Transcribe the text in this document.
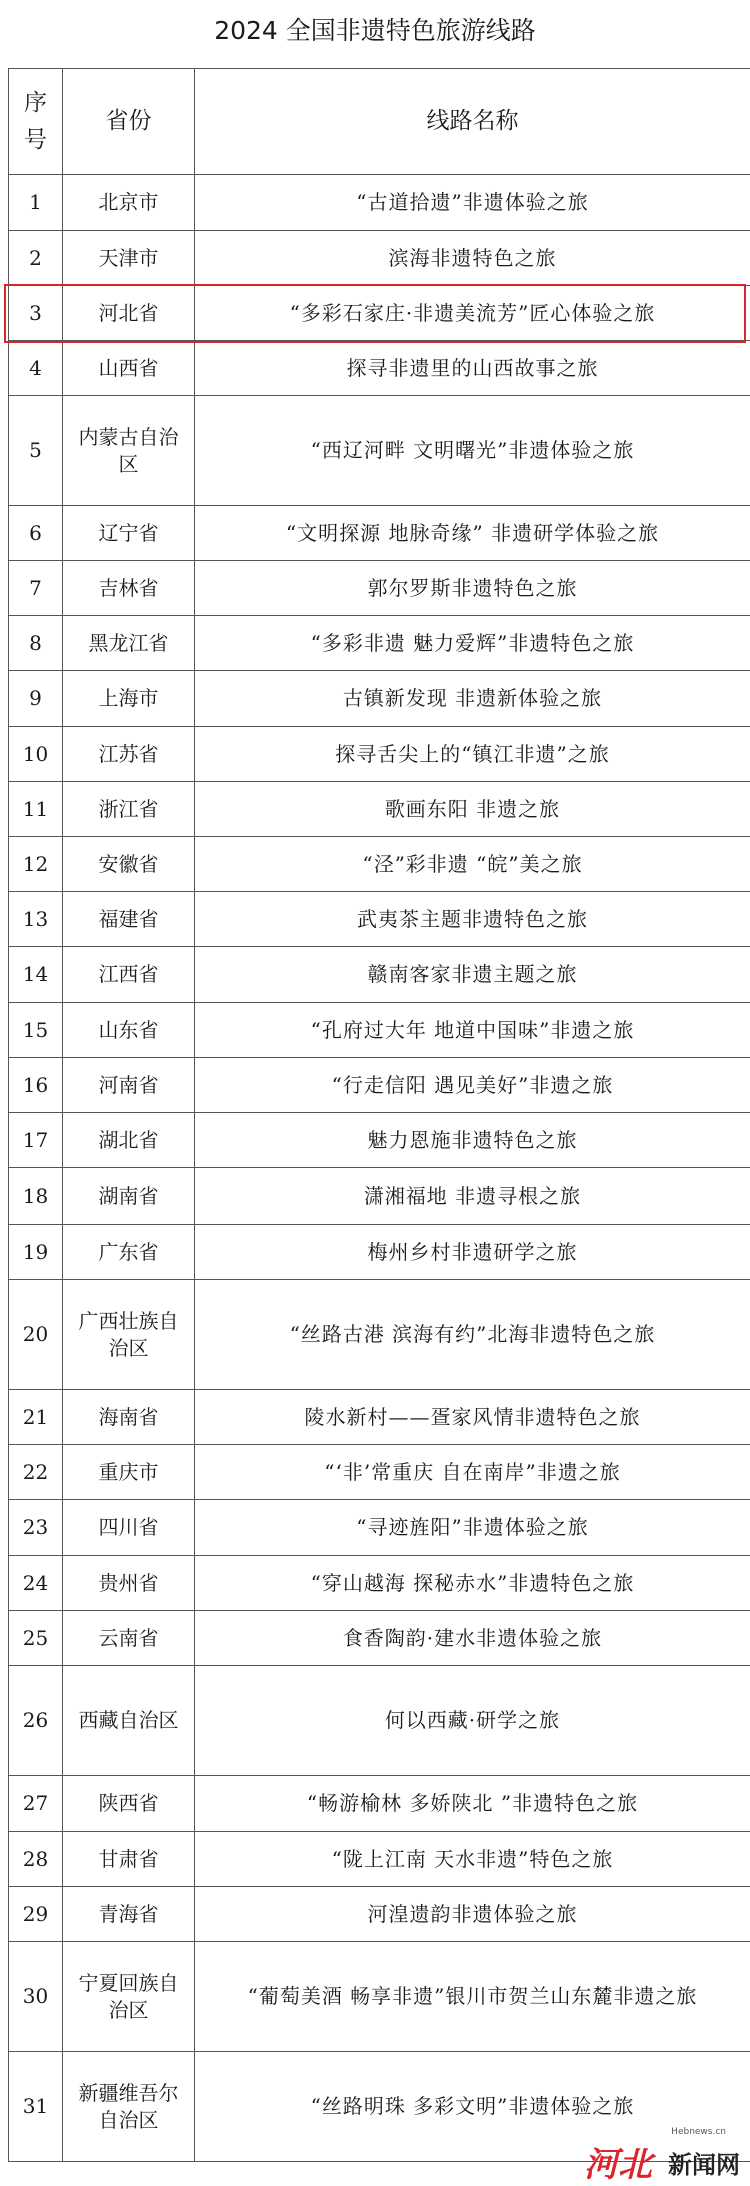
2024 全国非遗特色旅游线路
序号	省份	线路名称
1	北京市	“古道拾遗”非遗体验之旅
2	天津市	滨海非遗特色之旅
3	河北省	“多彩石家庄·非遗美流芳”匠心体验之旅
4	山西省	探寻非遗里的山西故事之旅
5	内蒙古自治区	“西辽河畔 文明曙光”非遗体验之旅
6	辽宁省	“文明探源 地脉奇缘” 非遗研学体验之旅
7	吉林省	郭尔罗斯非遗特色之旅
8	黑龙江省	“多彩非遗 魅力爱辉”非遗特色之旅
9	上海市	古镇新发现 非遗新体验之旅
10	江苏省	探寻舌尖上的“镇江非遗”之旅
11	浙江省	歌画东阳 非遗之旅
12	安徽省	“泾”彩非遗 “皖”美之旅
13	福建省	武夷茶主题非遗特色之旅
14	江西省	赣南客家非遗主题之旅
15	山东省	“孔府过大年 地道中国味”非遗之旅
16	河南省	“行走信阳 遇见美好”非遗之旅
17	湖北省	魅力恩施非遗特色之旅
18	湖南省	潇湘福地 非遗寻根之旅
19	广东省	梅州乡村非遗研学之旅
20	广西壮族自治区	“丝路古港 滨海有约”北海非遗特色之旅
21	海南省	陵水新村——疍家风情非遗特色之旅
22	重庆市	“‘非’常重庆 自在南岸”非遗之旅
23	四川省	“寻迹旌阳”非遗体验之旅
24	贵州省	“穿山越海 探秘赤水”非遗特色之旅
25	云南省	食香陶韵·建水非遗体验之旅
26	西藏自治区	何以西藏·研学之旅
27	陕西省	“畅游榆林 多娇陕北 ”非遗特色之旅
28	甘肃省	“陇上江南 天水非遗”特色之旅
29	青海省	河湟遗韵非遗体验之旅
30	宁夏回族自治区	“葡萄美酒 畅享非遗”银川市贺兰山东麓非遗之旅
31	新疆维吾尔自治区	“丝路明珠 多彩文明”非遗体验之旅
Hebnews.cn
河北 新闻网
